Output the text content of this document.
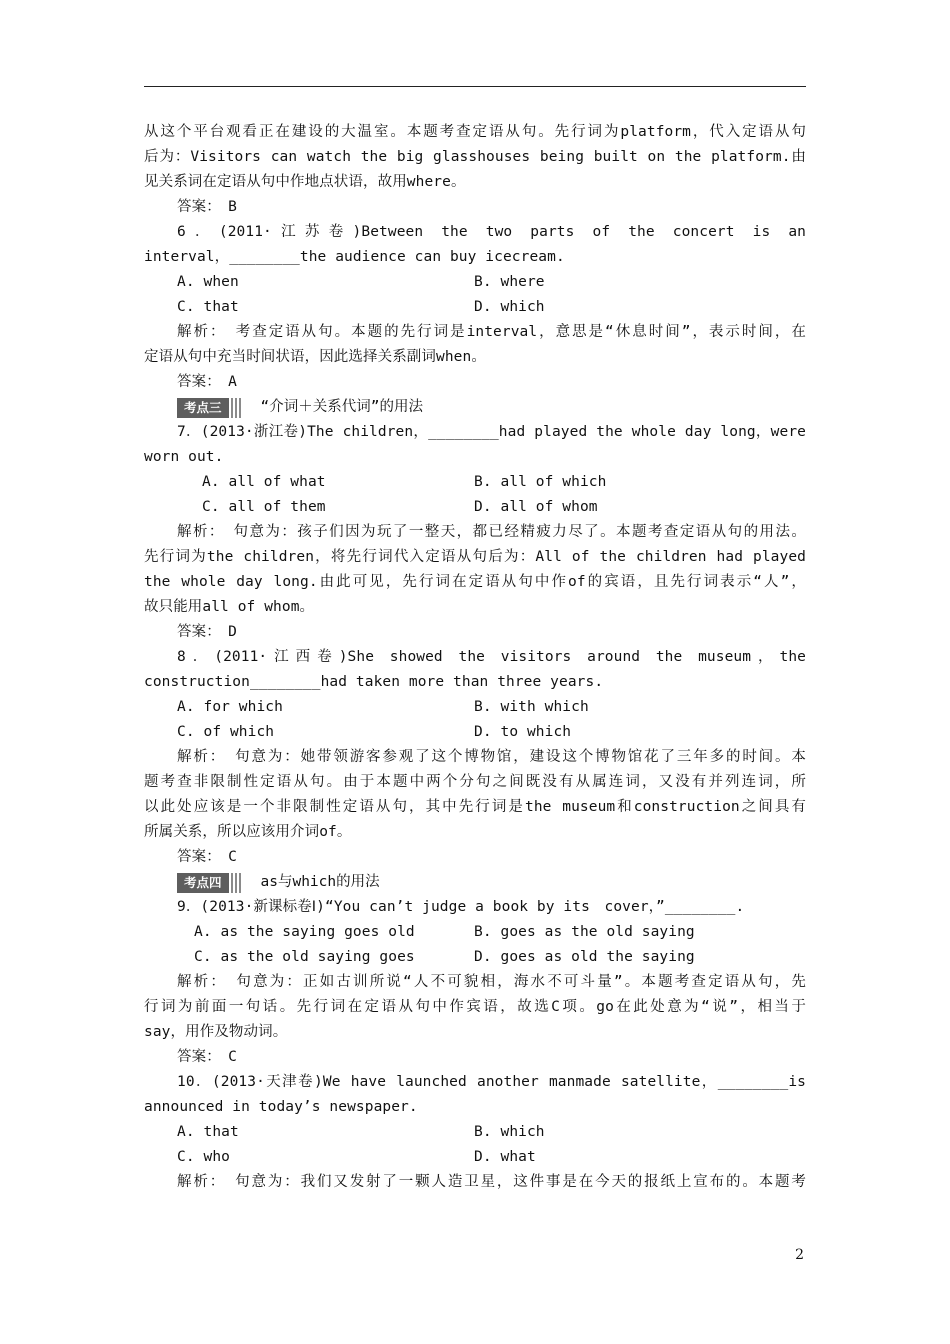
从这个平台观看正在建设的大温室。本题考查定语从句。先行词为platform，代入定语从句
后为：Visitors can watch the big glasshouses being built on the platform.由
见关系词在定语从句中作地点状语，故用where。
答案：　B
6．(2011·江苏卷)Between the two parts of the concert is an
interval，________the audience can buy icecream.
A. when	B. where
C. that	D. which
解析：　考查定语从句。本题的先行词是interval，意思是“休息时间”，表示时间，在
定语从句中充当时间状语，因此选择关系副词when。
答案：　A
考点三	“介词＋关系代词”的用法
7．(2013·浙江卷)The children，________had played the whole day long，were
worn out.
A. all of what	B. all of which
C. all of them	D. all of whom
解析：　句意为：孩子们因为玩了一整天，都已经精疲力尽了。本题考查定语从句的用法。
先行词为the children，将先行词代入定语从句后为：All of the children had played
the whole day long.由此可见，先行词在定语从句中作of的宾语，且先行词表示“人”，
故只能用all of whom。
答案：　D
8．(2011·江西卷)She showed the visitors around the museum，the
construction________had taken more than three years.
A. for which	B. with which
C. of which	D. to which
解析：　句意为：她带领游客参观了这个博物馆，建设这个博物馆花了三年多的时间。本
题考查非限制性定语从句。由于本题中两个分句之间既没有从属连词，又没有并列连词，所
以此处应该是一个非限制性定语从句，其中先行词是the museum和construction之间具有
所属关系，所以应该用介词of。
答案：　C
考点四	as与which的用法
9．(2013·新课标卷Ⅰ)“You can’t judge a book by its　cover，”________.
A. as the saying goes old	B. goes as the old saying
C. as the old saying goes	D. goes as old the saying
解析：　句意为：正如古训所说“人不可貌相，海水不可斗量”。本题考查定语从句，先
行词为前面一句话。先行词在定语从句中作宾语，故选C项。go在此处意为“说”，相当于
say，用作及物动词。
答案：　C
10．(2013·天津卷)We have launched another manmade satellite，________is
announced in today’s newspaper.
A. that	B. which
C. who	D. what
解析：　句意为：我们又发射了一颗人造卫星，这件事是在今天的报纸上宣布的。本题考
2
